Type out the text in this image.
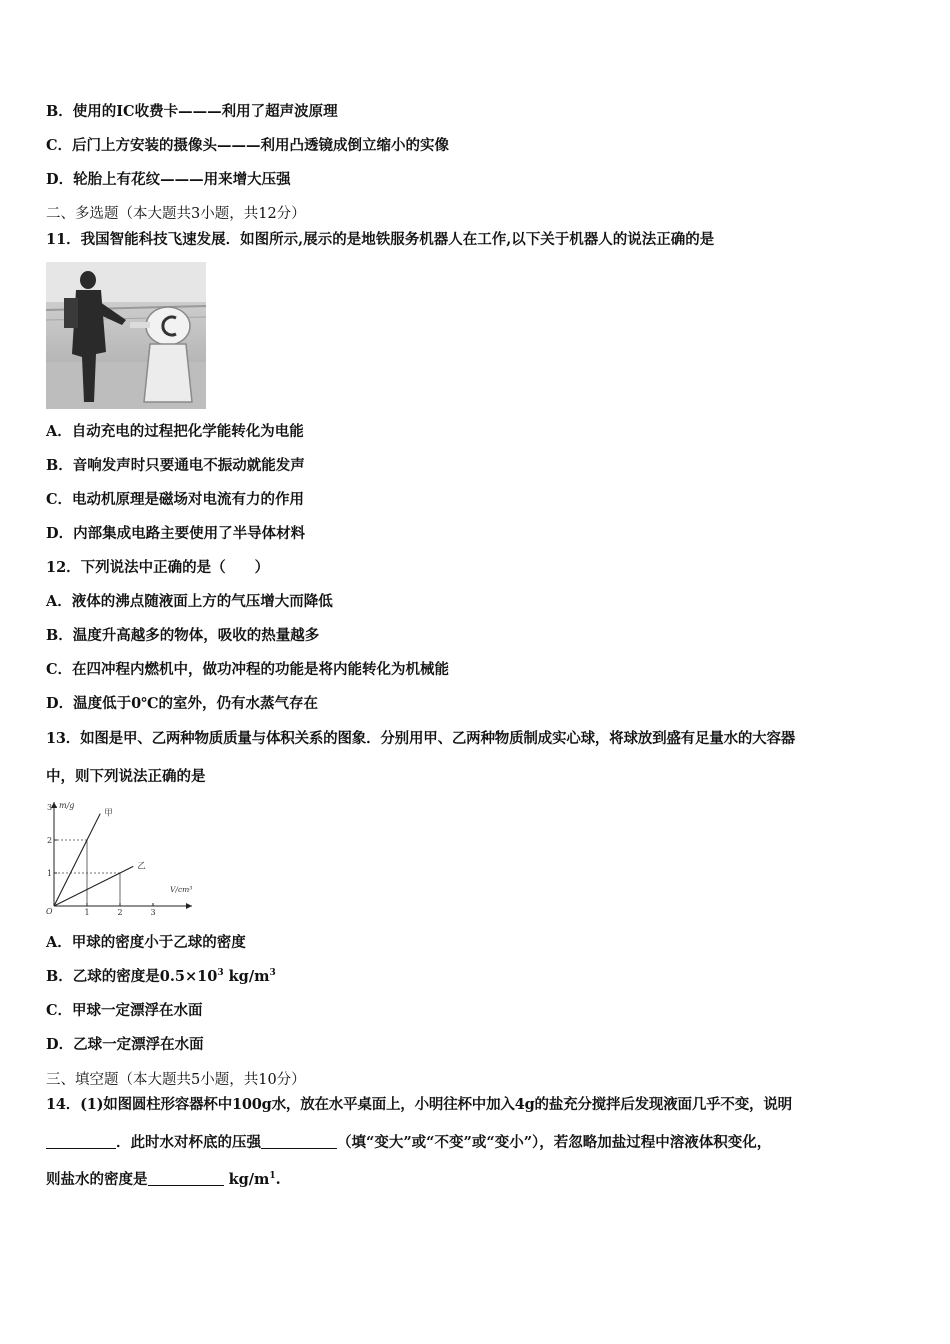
B．使用的IC收费卡———利用了超声波原理
C．后门上方安装的摄像头———利用凸透镜成倒立缩小的实像
D．轮胎上有花纹———用来增大压强
二、多选题（本大题共3小题，共12分）
11．我国智能科技飞速发展．如图所示,展示的是地铁服务机器人在工作,以下关于机器人的说法正确的是
A．自动充电的过程把化学能转化为电能
B．音响发声时只要通电不振动就能发声
C．电动机原理是磁场对电流有力的作用
D．内部集成电路主要使用了半导体材料
12．下列说法中正确的是（　　）
A．液体的沸点随液面上方的气压增大而降低
B．温度升高越多的物体，吸收的热量越多
C．在四冲程内燃机中，做功冲程的功能是将内能转化为机械能
D．温度低于0℃的室外，仍有水蒸气存在
13．如图是甲、乙两种物质质量与体积关系的图象．分别用甲、乙两种物质制成实心球，将球放到盛有足量水的大容器
中，则下列说法正确的是
甲
乙
1	2	3
1
2
3 m/g
V/cm³
O
A．甲球的密度小于乙球的密度
B．乙球的密度是$0.5\times 10^3$ $kg/m^3$
C．甲球一定漂浮在水面
D．乙球一定漂浮在水面
三、填空题（本大题共5小题，共10分）
14．(1)如图圆柱形容器杯中100g水，放在水平桌面上，小明往杯中加入4g的盐充分搅拌后发现液面几乎不变，说明
．此时水对杯底的压强	（填“变大”或“不变”或“变小”），若忽略加盐过程中溶液体积变化，
则盐水的密度是	$kg/m^1$.
